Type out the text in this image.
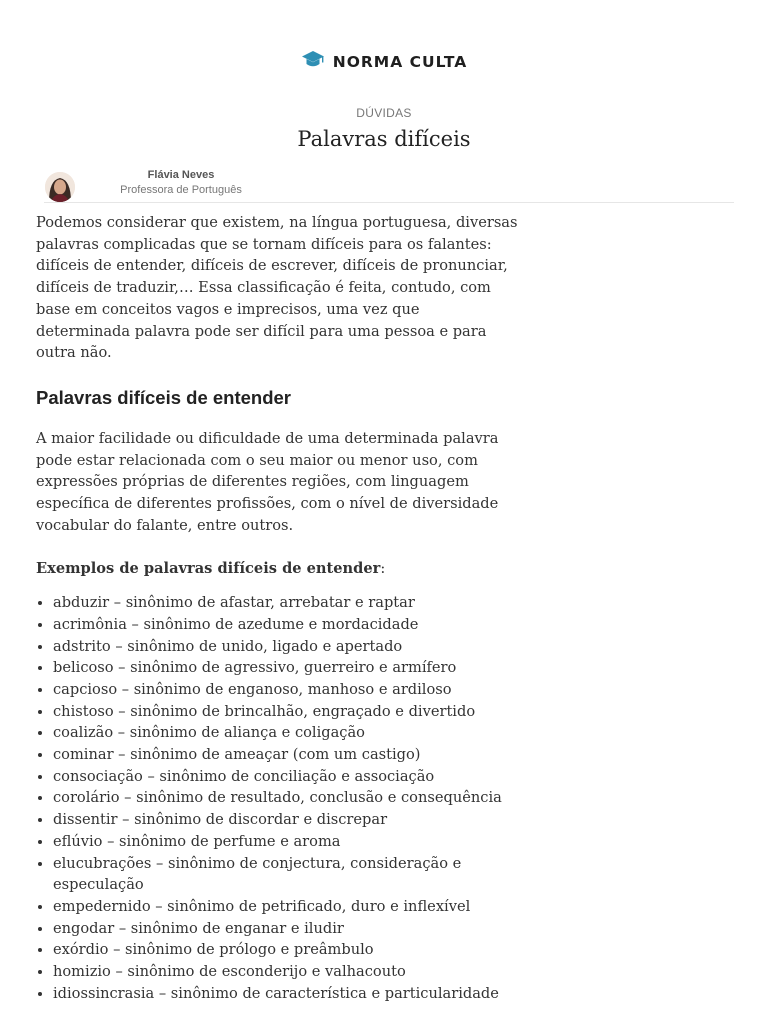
NORMA CULTA
DÚVIDAS
Palavras difíceis
Flávia Neves
Professora de Português

Podemos considerar que existem, na língua portuguesa, diversas palavras complicadas que se tornam difíceis para os falantes: difíceis de entender, difíceis de escrever, difíceis de pronunciar, difíceis de traduzir,… Essa classificação é feita, contudo, com base em conceitos vagos e imprecisos, uma vez que determinada palavra pode ser difícil para uma pessoa e para outra não.

Palavras difíceis de entender

A maior facilidade ou dificuldade de uma determinada palavra pode estar relacionada com o seu maior ou menor uso, com expressões próprias de diferentes regiões, com linguagem específica de diferentes profissões, com o nível de diversidade vocabular do falante, entre outros.

Exemplos de palavras difíceis de entender:

• abduzir – sinônimo de afastar, arrebatar e raptar
• acrimônia – sinônimo de azedume e mordacidade
• adstrito – sinônimo de unido, ligado e apertado
• belicoso – sinônimo de agressivo, guerreiro e armífero
• capcioso – sinônimo de enganoso, manhoso e ardiloso
• chistoso – sinônimo de brincalhão, engraçado e divertido
• coalizão – sinônimo de aliança e coligação
• cominar – sinônimo de ameaçar (com um castigo)
• consociação – sinônimo de conciliação e associação
• corolário – sinônimo de resultado, conclusão e consequência
• dissentir – sinônimo de discordar e discrepar
• eflúvio – sinônimo de perfume e aroma
• elucubrações – sinônimo de conjectura, consideração e especulação
• empedernido – sinônimo de petrificado, duro e inflexível
• engodar – sinônimo de enganar e iludir
• exórdio – sinônimo de prólogo e preâmbulo
• homizio – sinônimo de esconderijo e valhacouto
• idiossincrasia – sinônimo de característica e particularidade
